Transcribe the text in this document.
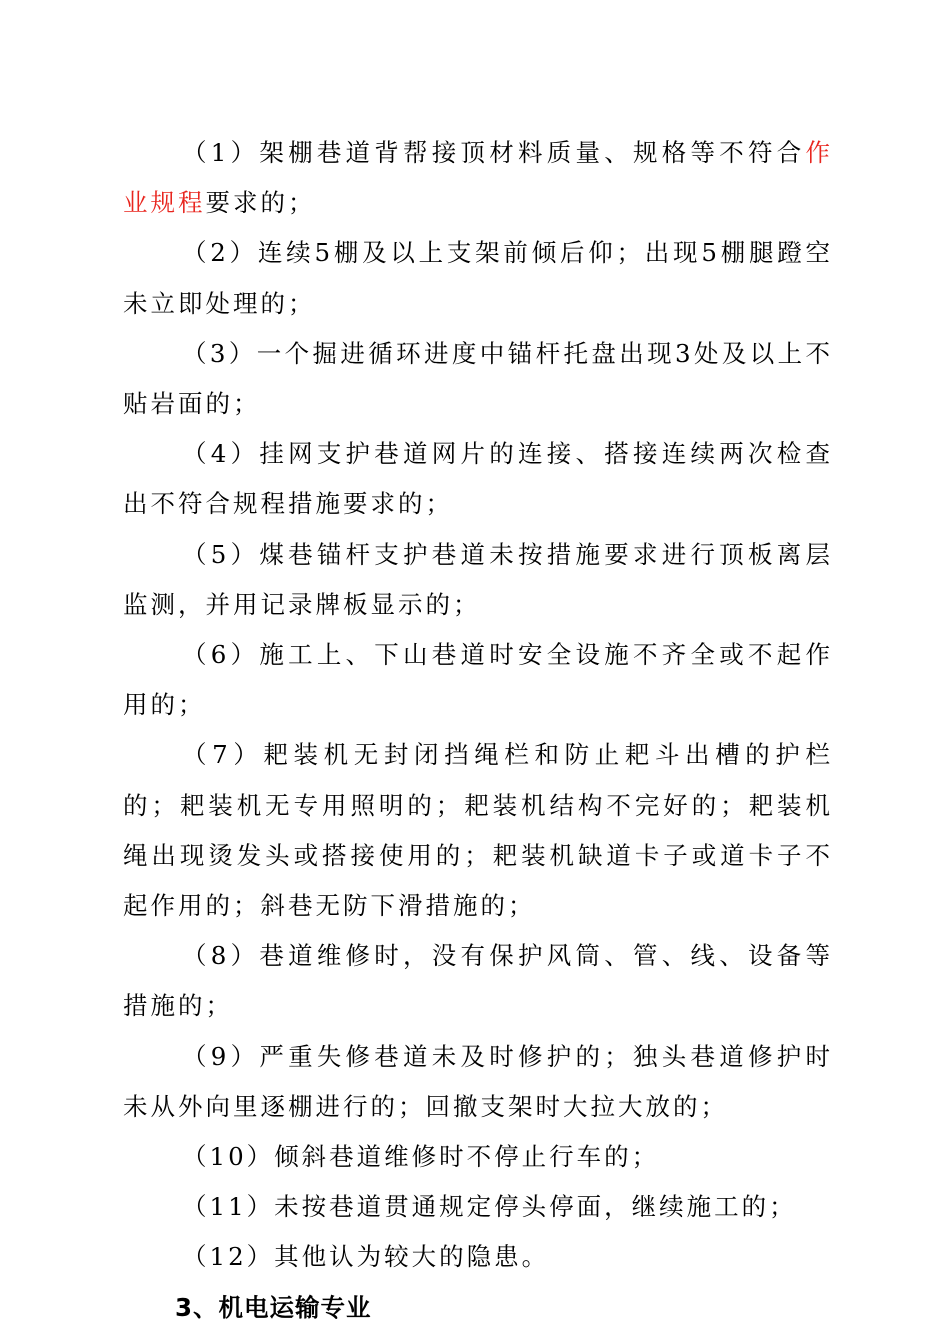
（1）架棚巷道背帮接顶材料质量、规格等不符合作业规程要求的；

（2）连续5棚及以上支架前倾后仰；出现5棚腿蹬空未立即处理的；

（3）一个掘进循环进度中锚杆托盘出现3处及以上不贴岩面的；

（4）挂网支护巷道网片的连接、搭接连续两次检查出不符合规程措施要求的；

（5）煤巷锚杆支护巷道未按措施要求进行顶板离层监测，并用记录牌板显示的；

（6）施工上、下山巷道时安全设施不齐全或不起作用的；

（7）耙装机无封闭挡绳栏和防止耙斗出槽的护栏的；耙装机无专用照明的；耙装机结构不完好的；耙装机绳出现烫发头或搭接使用的；耙装机缺道卡子或道卡子不起作用的；斜巷无防下滑措施的；

（8）巷道维修时，没有保护风筒、管、线、设备等措施的；

（9）严重失修巷道未及时修护的；独头巷道修护时未从外向里逐棚进行的；回撤支架时大拉大放的；

（10）倾斜巷道维修时不停止行车的；

（11）未按巷道贯通规定停头停面，继续施工的；

（12）其他认为较大的隐患。

3、机电运输专业
